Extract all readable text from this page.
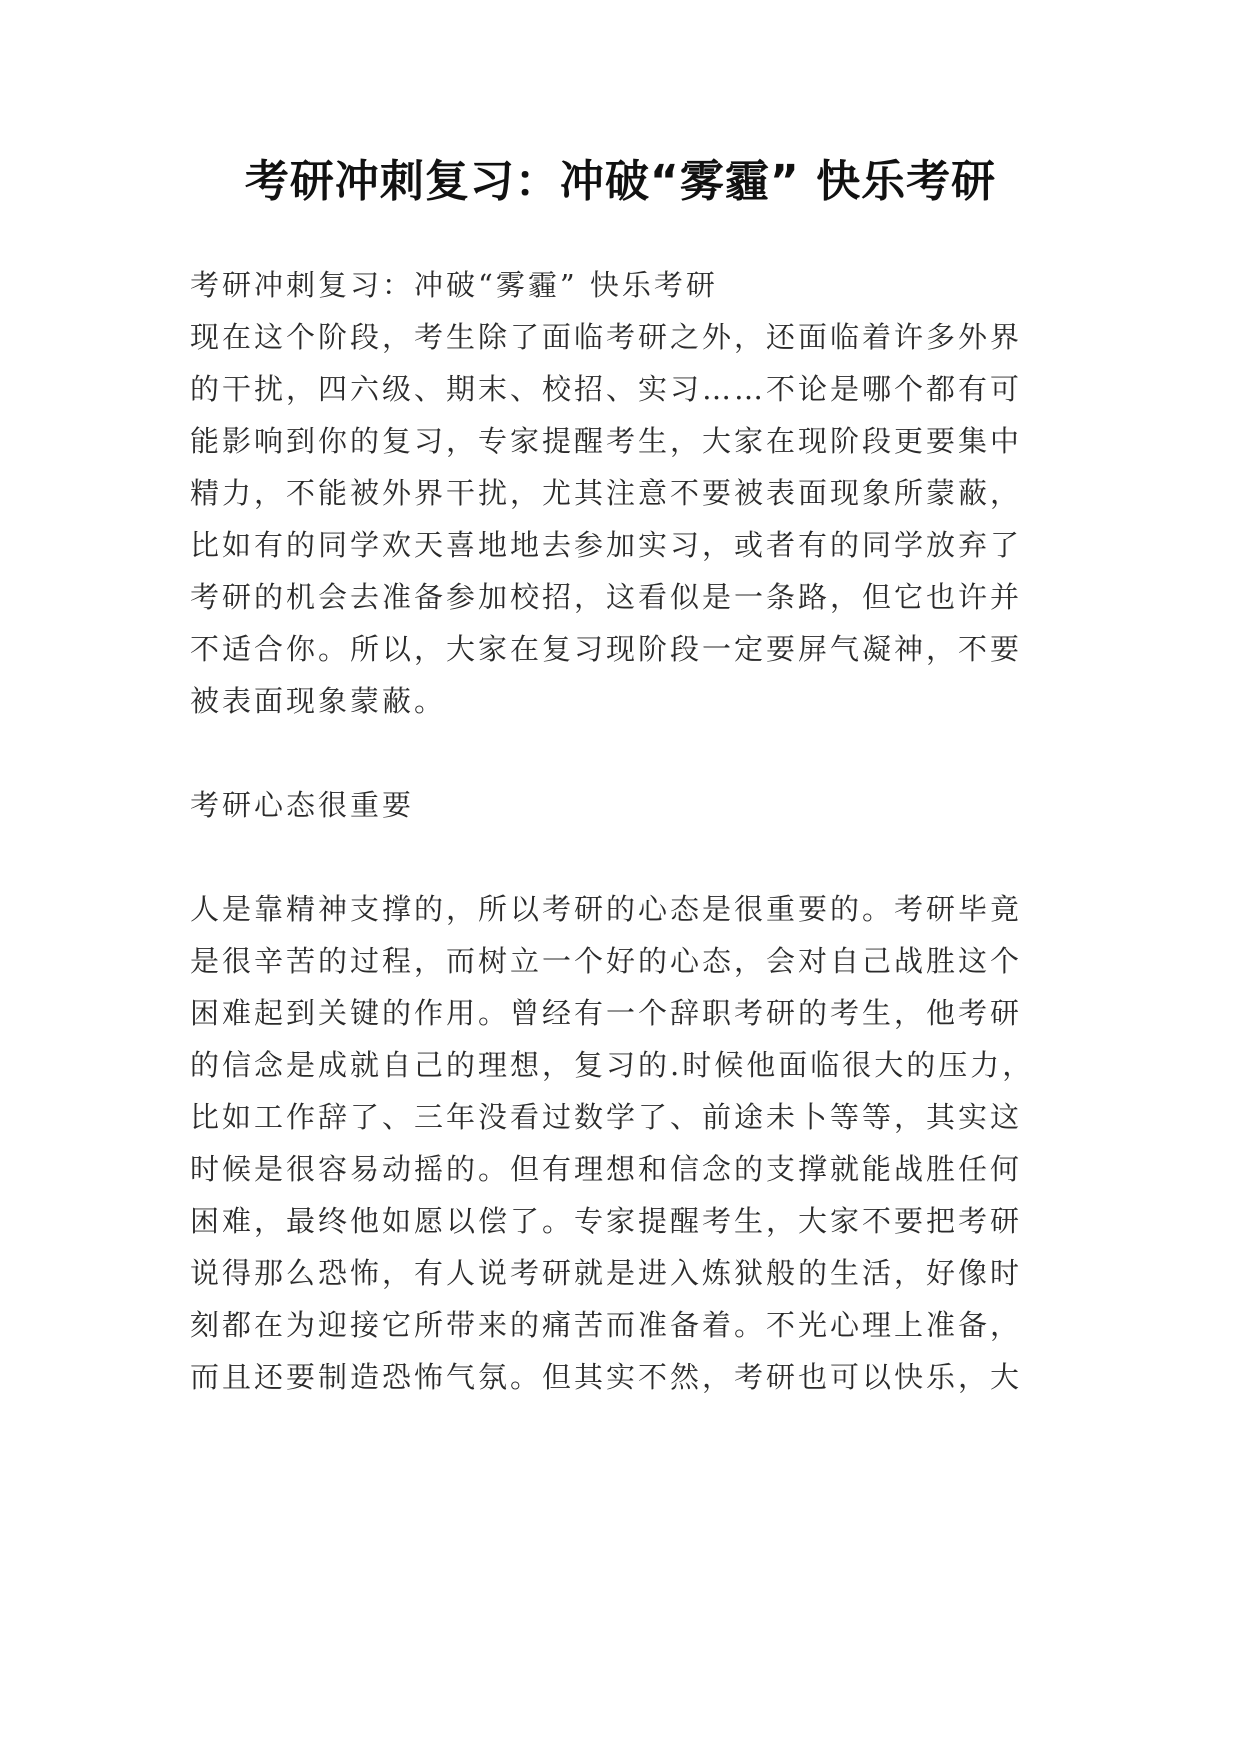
考研冲刺复习：冲破“雾霾” 快乐考研
考研冲刺复习：冲破“雾霾” 快乐考研
现在这个阶段，考生除了面临考研之外，还面临着许多外界
的干扰，四六级、期末、校招、实习……不论是哪个都有可
能影响到你的复习，专家提醒考生，大家在现阶段更要集中
精力，不能被外界干扰，尤其注意不要被表面现象所蒙蔽，
比如有的同学欢天喜地地去参加实习，或者有的同学放弃了
考研的机会去准备参加校招，这看似是一条路，但它也许并
不适合你。所以，大家在复习现阶段一定要屏气凝神，不要
被表面现象蒙蔽。
考研心态很重要
人是靠精神支撑的，所以考研的心态是很重要的。考研毕竟
是很辛苦的过程，而树立一个好的心态，会对自己战胜这个
困难起到关键的作用。曾经有一个辞职考研的考生，他考研
的信念是成就自己的理想，复习的.时候他面临很大的压力，
比如工作辞了、三年没看过数学了、前途未卜等等，其实这
时候是很容易动摇的。但有理想和信念的支撑就能战胜任何
困难，最终他如愿以偿了。专家提醒考生，大家不要把考研
说得那么恐怖，有人说考研就是进入炼狱般的生活，好像时
刻都在为迎接它所带来的痛苦而准备着。不光心理上准备，
而且还要制造恐怖气氛。但其实不然，考研也可以快乐，大
